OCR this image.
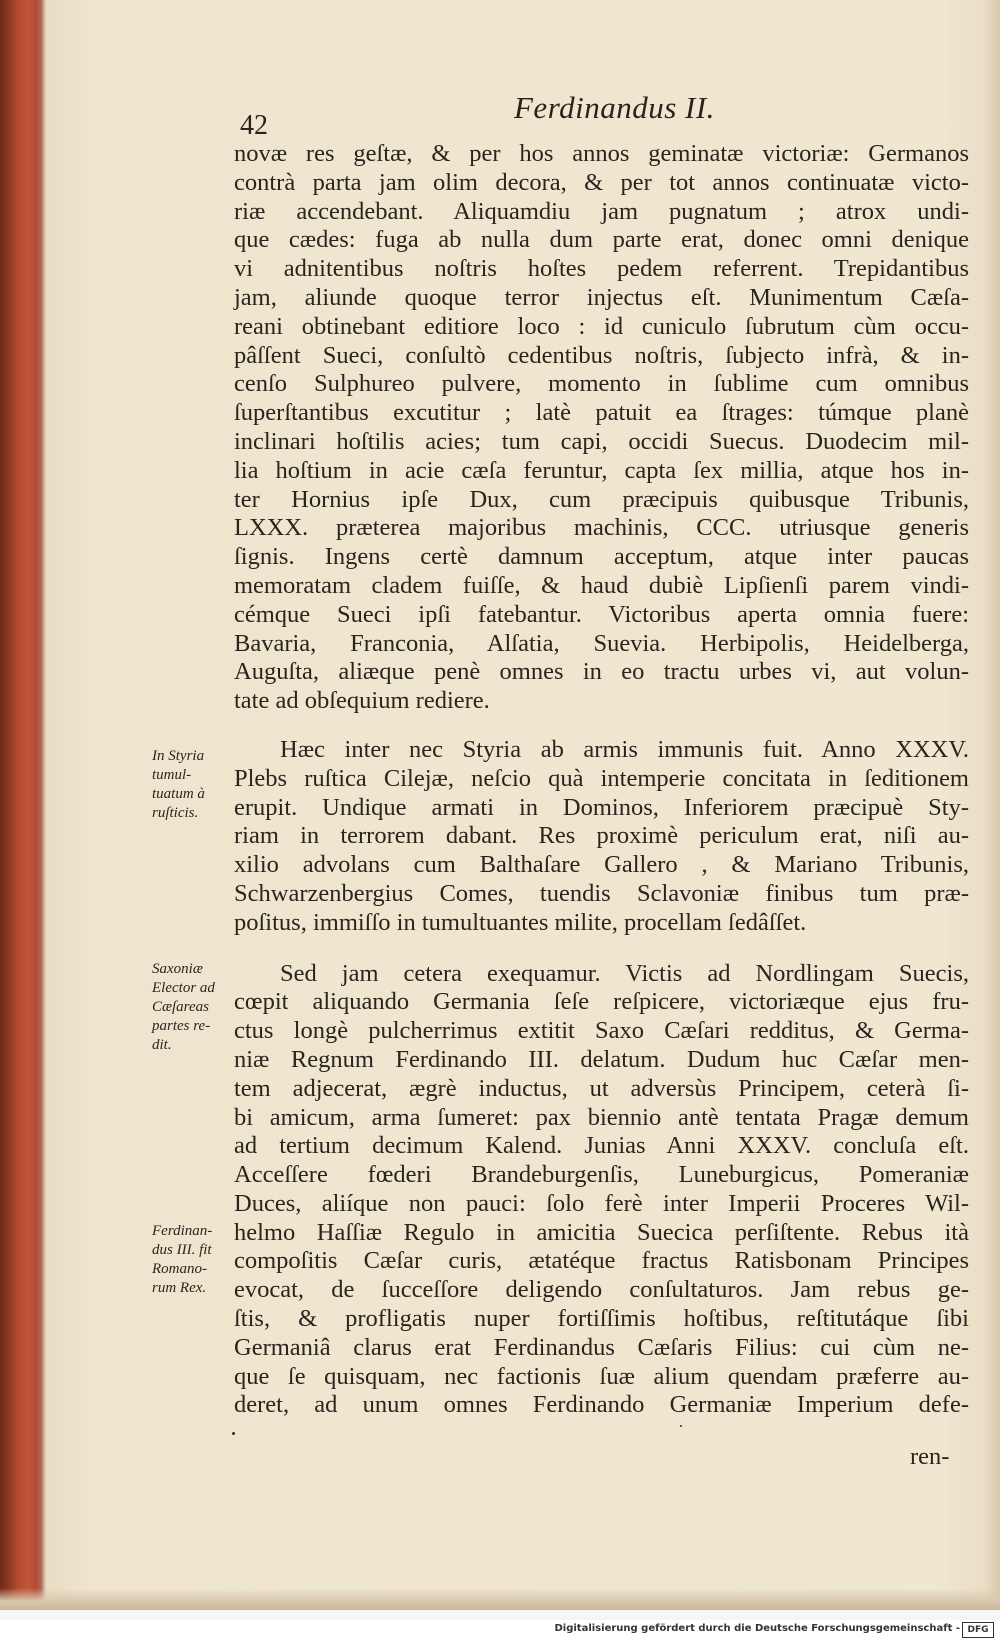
42
Ferdinandus II.
novæ res geſtæ, & per hos annos geminatæ victoriæ: Germanos
contrà parta jam olim decora, & per tot annos continuatæ victo-
riæ accendebant. Aliquamdiu jam pugnatum ; atrox undi-
que cædes: fuga ab nulla dum parte erat, donec omni denique
vi adnitentibus noſtris hoſtes pedem referrent. Trepidantibus
jam, aliunde quoque terror injectus eſt. Munimentum Cæſa-
reani obtinebant editiore loco : id cuniculo ſubrutum cùm occu-
pâſſent Sueci, conſultò cedentibus noſtris, ſubjecto infrà, & in-
cenſo Sulphureo pulvere, momento in ſublime cum omnibus
ſuperſtantibus excutitur ; latè patuit ea ſtrages: túmque planè
inclinari hoſtilis acies; tum capi, occidi Suecus. Duodecim mil-
lia hoſtium in acie cæſa feruntur, capta ſex millia, atque hos in-
ter Hornius ipſe Dux, cum præcipuis quibusque Tribunis,
LXXX. præterea majoribus machinis, CCC. utriusque generis
ſignis. Ingens certè damnum acceptum, atque inter paucas
memoratam cladem fuiſſe, & haud dubiè Lipſienſi parem vindi-
cémque Sueci ipſi fatebantur. Victoribus aperta omnia fuere:
Bavaria, Franconia, Alſatia, Suevia. Herbipolis, Heidelberga,
Auguſta, aliæque penè omnes in eo tractu urbes vi, aut volun-
tate ad obſequium rediere.
Hæc inter nec Styria ab armis immunis fuit. Anno XXXV.
Plebs ruſtica Cilejæ, neſcio quà intemperie concitata in ſeditionem
erupit. Undique armati in Dominos, Inferiorem præcipuè Sty-
riam in terrorem dabant. Res proximè periculum erat, niſi au-
xilio advolans cum Balthaſare Gallero , & Mariano Tribunis,
Schwarzenbergius Comes, tuendis Sclavoniæ finibus tum præ-
poſitus, immiſſo in tumultuantes milite, procellam ſedâſſet.
Sed jam cetera exequamur. Victis ad Nordlingam Suecis,
cœpit aliquando Germania ſeſe reſpicere, victoriæque ejus fru-
ctus longè pulcherrimus extitit Saxo Cæſari redditus, & Germa-
niæ Regnum Ferdinando III. delatum. Dudum huc Cæſar men-
tem adjecerat, ægrè inductus, ut adversùs Principem, ceterà ſi-
bi amicum, arma ſumeret: pax biennio antè tentata Pragæ demum
ad tertium decimum Kalend. Junias Anni XXXV. concluſa eſt.
Acceſſere fœderi Brandeburgenſis, Luneburgicus, Pomeraniæ
Duces, aliíque non pauci: ſolo ferè inter Imperii Proceres Wil-
helmo Haſſiæ Regulo in amicitia Suecica perſiſtente. Rebus ità
compoſitis Cæſar curis, ætatéque fractus Ratisbonam Principes
evocat, de ſucceſſore deligendo conſultaturos. Jam rebus ge-
ſtis, & profligatis nuper fortiſſimis hoſtibus, reſtitutáque ſibi
Germaniâ clarus erat Ferdinandus Cæſaris Filius: cui cùm ne-
que ſe quisquam, nec factionis ſuæ alium quendam præferre au-
deret, ad unum omnes Ferdinando Germaniæ Imperium defe-
ren-
In Styria
tumul-
tuatum à
ruſticis.
Saxoniæ
Elector ad
Cæſareas
partes re-
dit.
Ferdinan-
dus III. fit
Romano-
rum Rex.
Digitalisierung gefördert durch die Deutsche Forschungsgemeinschaft - DFG
